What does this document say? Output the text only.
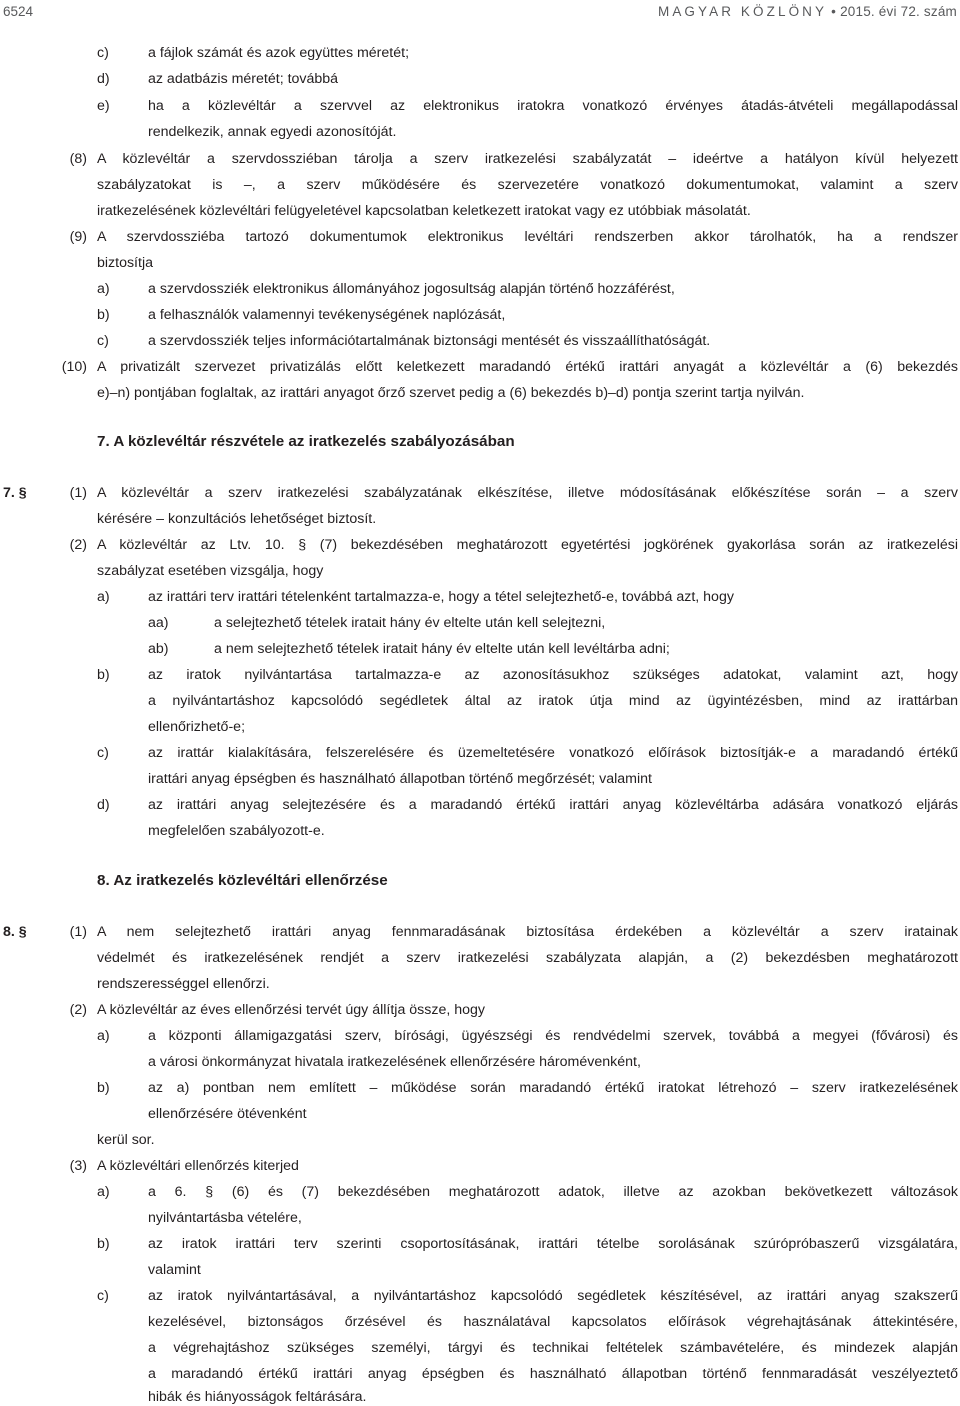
6524	MAGYAR KÖZLÖNY • 2015. évi 72. szám
c)	a fájlok számát és azok együttes méretét;
d)	az adatbázis méretét; továbbá
e)	ha a közlevéltár a szervvel az elektronikus iratokra vonatkozó érvényes átadás-átvételi megállapodással
rendelkezik, annak egyedi azonosítóját.
(8) A közlevéltár a szervdossziéban tárolja a szerv iratkezelési szabályzatát – ideértve a hatályon kívül helyezett
szabályzatokat is –, a szerv működésére és szervezetére vonatkozó dokumentumokat, valamint a szerv
iratkezelésének közlevéltári felügyeletével kapcsolatban keletkezett iratokat vagy ez utóbbiak másolatát.
(9) A szervdossziéba tartozó dokumentumok elektronikus levéltári rendszerben akkor tárolhatók, ha a rendszer
biztosítja
a)	a szervdossziék elektronikus állományához jogosultság alapján történő hozzáférést,
b)	a felhasználók valamennyi tevékenységének naplózását,
c)	a szervdossziék teljes információtartalmának biztonsági mentését és visszaállíthatóságát.
(10) A privatizált szervezet privatizálás előtt keletkezett maradandó értékű irattári anyagát a közlevéltár a (6) bekezdés
e)–n) pontjában foglaltak, az irattári anyagot őrző szervet pedig a (6) bekezdés b)–d) pontja szerint tartja nyilván.
7. A közlevéltár részvétele az iratkezelés szabályozásában
7. §	(1) A közlevéltár a szerv iratkezelési szabályzatának elkészítése, illetve módosításának előkészítése során – a szerv
kérésére – konzultációs lehetőséget biztosít.
(2) A közlevéltár az Ltv. 10. § (7) bekezdésében meghatározott egyetértési jogkörének gyakorlása során az iratkezelési
szabályzat esetében vizsgálja, hogy
a)	az irattári terv irattári tételenként tartalmazza-e, hogy a tétel selejtezhető-e, továbbá azt, hogy
aa)	a selejtezhető tételek iratait hány év eltelte után kell selejtezni,
ab)	a nem selejtezhető tételek iratait hány év eltelte után kell levéltárba adni;
b)	az iratok nyilvántartása tartalmazza-e az azonosításukhoz szükséges adatokat, valamint azt, hogy
a nyilvántartáshoz kapcsolódó segédletek által az iratok útja mind az ügyintézésben, mind az irattárban
ellenőrizhető-e;
c)	az irattár kialakítására, felszerelésére és üzemeltetésére vonatkozó előírások biztosítják-e a maradandó értékű
irattári anyag épségben és használható állapotban történő megőrzését; valamint
d)	az irattári anyag selejtezésére és a maradandó értékű irattári anyag közlevéltárba adására vonatkozó eljárás
megfelelően szabályozott-e.
8. Az iratkezelés közlevéltári ellenőrzése
8. §	(1) A nem selejtezhető irattári anyag fennmaradásának biztosítása érdekében a közlevéltár a szerv iratainak
védelmét és iratkezelésének rendjét a szerv iratkezelési szabályzata alapján, a (2) bekezdésben meghatározott
rendszerességgel ellenőrzi.
(2) A közlevéltár az éves ellenőrzési tervét úgy állítja össze, hogy
a)	a központi államigazgatási szerv, bírósági, ügyészségi és rendvédelmi szervek, továbbá a megyei (fővárosi) és
a városi önkormányzat hivatala iratkezelésének ellenőrzésére háromévenként,
b)	az a) pontban nem említett – működése során maradandó értékű iratokat létrehozó – szerv iratkezelésének
ellenőrzésére ötévenként
kerül sor.
(3) A közlevéltári ellenőrzés kiterjed
a)	a 6. § (6) és (7) bekezdésében meghatározott adatok, illetve az azokban bekövetkezett változások
nyilvántartásba vételére,
b)	az iratok irattári terv szerinti csoportosításának, irattári tételbe sorolásának szúrópróbaszerű vizsgálatára,
valamint
c)	az iratok nyilvántartásával, a nyilvántartáshoz kapcsolódó segédletek készítésével, az irattári anyag szakszerű
kezelésével, biztonságos őrzésével és használatával kapcsolatos előírások végrehajtásának áttekintésére,
a végrehajtáshoz szükséges személyi, tárgyi és technikai feltételek számbavételére, és mindezek alapján
a maradandó értékű irattári anyag épségben és használható állapotban történő fennmaradását veszélyeztető
hibák és hiányosságok feltárására.
